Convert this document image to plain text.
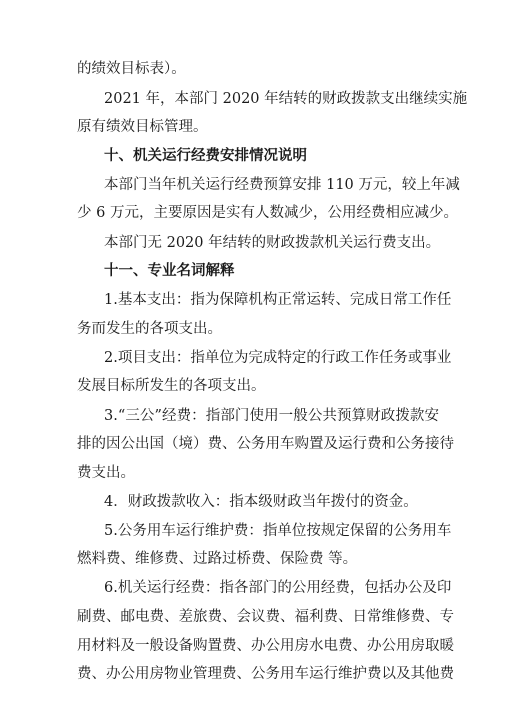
的绩效目标表）。
2021 年，本部门 2020 年结转的财政拨款支出继续实施
原有绩效目标管理。
十、机关运行经费安排情况说明
本部门当年机关运行经费预算安排 110 万元，较上年减
少 6 万元，主要原因是实有人数减少，公用经费相应减少。
本部门无 2020 年结转的财政拨款机关运行费支出。
十一、专业名词解释
1.基本支出：指为保障机构正常运转、完成日常工作任
务而发生的各项支出。
2.项目支出：指单位为完成特定的行政工作任务或事业
发展目标所发生的各项支出。
3.“三公”经费：指部门使用一般公共预算财政拨款安
排的因公出国（境）费、公务用车购置及运行费和公务接待
费支出。
4．财政拨款收入：指本级财政当年拨付的资金。
5.公务用车运行维护费：指单位按规定保留的公务用车
燃料费、维修费、过路过桥费、保险费 等。
6.机关运行经费：指各部门的公用经费，包括办公及印
刷费、邮电费、差旅费、会议费、福利费、日常维修费、专
用材料及一般设备购置费、办公用房水电费、办公用房取暖
费、办公用房物业管理费、公务用车运行维护费以及其他费
